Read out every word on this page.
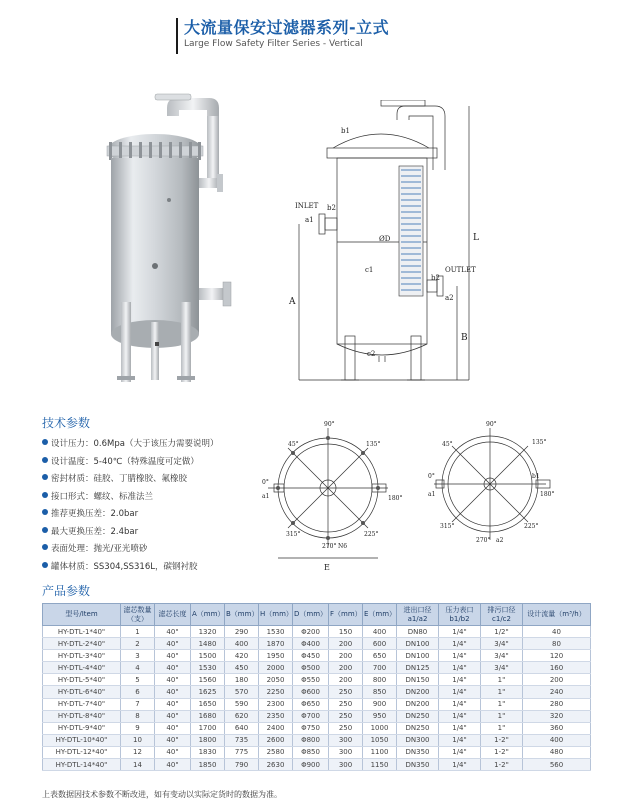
大流量保安过滤器系列-立式
Large Flow Safety Filter Series - Vertical
INLET
a1
b2
b1
ØD
c1
c2
OUTLET
b2
a2
L
A
B
技术参数
设计压力：0.6Mpa（大于该压力需要说明）
设计温度：5-40℃（特殊温度可定做）
密封材质：硅胶、丁腈橡胶、氟橡胶
接口形式：螺纹、标准法兰
推荐更换压差：2.0bar
最大更换压差：2.4bar
表面处理：抛光/亚光喷砂
罐体材质：SS304,SS316L，碳钢衬胶
90°
45°	135°
0°
a1	180°
315°	225°
270° N6
E
90°
45°	135°
0°
a1
b1
180°
315°	225°
270° a2
产品参数
型号/Item	滤芯数量（支）	滤芯长度	A（mm）	B（mm）	H（mm）	D（mm）	F（mm）	E（mm）	进出口径 a1/a2	压力表口 b1/b2	排污口径 c1/c2	设计流量（m³/h）
HY-DTL-1*40"	1	40"	1320	290	1530	Φ200	150	400	DN80	1/4"	1/2"	40
HY-DTL-2*40"	2	40"	1480	400	1870	Φ400	200	600	DN100	1/4"	3/4"	80
HY-DTL-3*40"	3	40"	1500	420	1950	Φ450	200	650	DN100	1/4"	3/4"	120
HY-DTL-4*40"	4	40"	1530	450	2000	Φ500	200	700	DN125	1/4"	3/4"	160
HY-DTL-5*40"	5	40"	1560	180	2050	Φ550	200	800	DN150	1/4"	1"	200
HY-DTL-6*40"	6	40"	1625	570	2250	Φ600	250	850	DN200	1/4"	1"	240
HY-DTL-7*40"	7	40"	1650	590	2300	Φ650	250	900	DN200	1/4"	1"	280
HY-DTL-8*40"	8	40"	1680	620	2350	Φ700	250	950	DN250	1/4"	1"	320
HY-DTL-9*40"	9	40"	1700	640	2400	Φ750	250	1000	DN250	1/4"	1"	360
HY-DTL-10*40"	10	40"	1800	735	2600	Φ800	300	1050	DN300	1/4"	1-2"	400
HY-DTL-12*40"	12	40"	1830	775	2580	Φ850	300	1100	DN350	1/4"	1-2"	480
HY-DTL-14*40"	14	40"	1850	790	2630	Φ900	300	1150	DN350	1/4"	1-2"	560
上表数据因技术参数不断改进，如有变动以实际定货时的数据为准。
